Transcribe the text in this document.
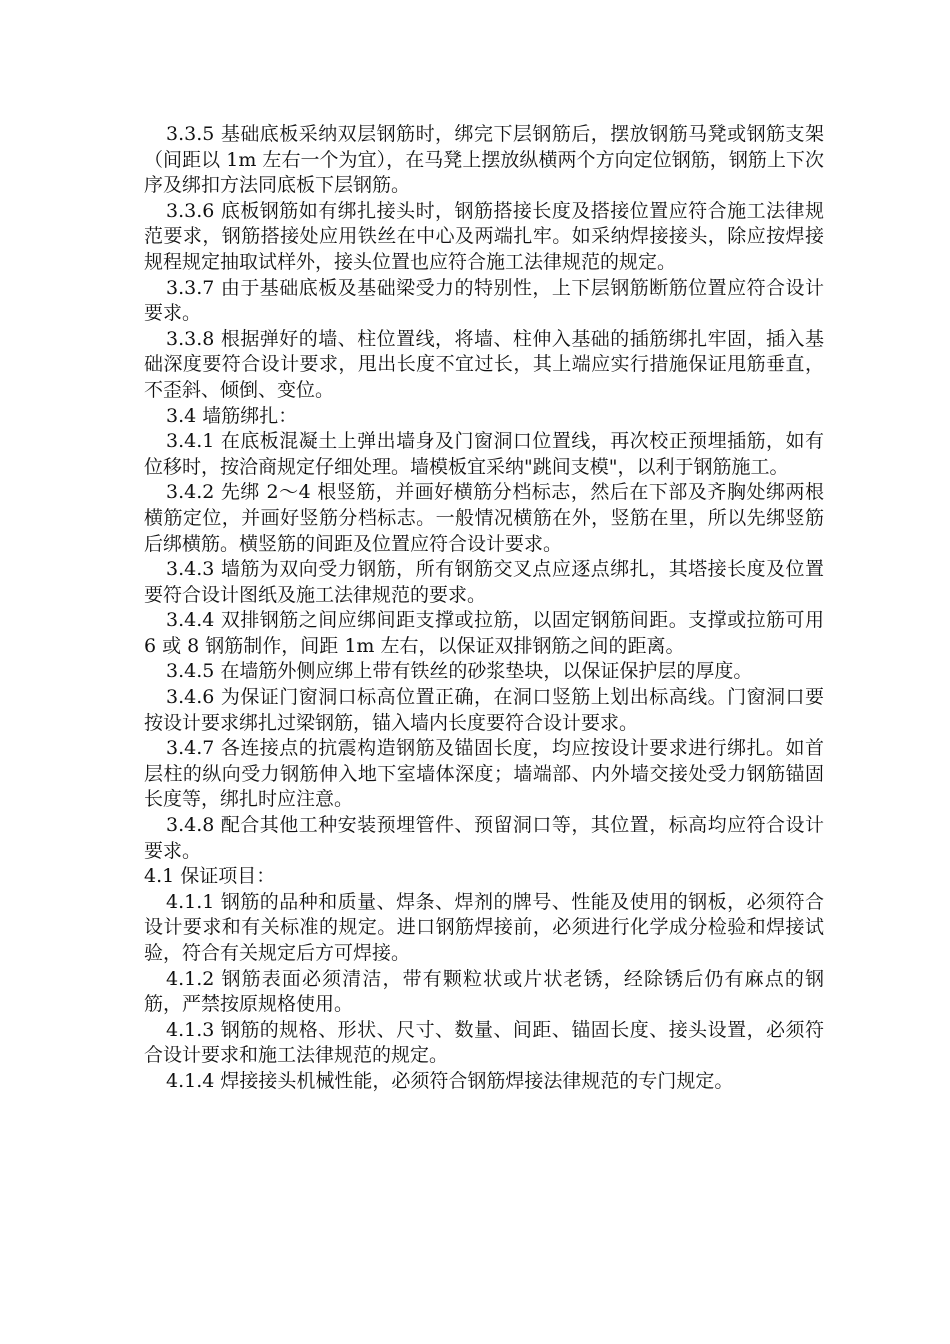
3.3.5 基础底板采纳双层钢筋时，绑完下层钢筋后，摆放钢筋马凳或钢筋支架（间距以 1m 左右一个为宜），在马凳上摆放纵横两个方向定位钢筋，钢筋上下次序及绑扣方法同底板下层钢筋。

3.3.6 底板钢筋如有绑扎接头时，钢筋搭接长度及搭接位置应符合施工法律规范要求，钢筋搭接处应用铁丝在中心及两端扎牢。如采纳焊接接头，除应按焊接规程规定抽取试样外，接头位置也应符合施工法律规范的规定。

3.3.7 由于基础底板及基础梁受力的特别性，上下层钢筋断筋位置应符合设计要求。

3.3.8 根据弹好的墙、柱位置线，将墙、柱伸入基础的插筋绑扎牢固，插入基础深度要符合设计要求，甩出长度不宜过长，其上端应实行措施保证甩筋垂直，不歪斜、倾倒、变位。

3.4 墙筋绑扎：

3.4.1 在底板混凝土上弹出墙身及门窗洞口位置线，再次校正预埋插筋，如有位移时，按洽商规定仔细处理。墙模板宜采纳"跳间支模"，以利于钢筋施工。

3.4.2 先绑 2～4 根竖筋，并画好横筋分档标志，然后在下部及齐胸处绑两根横筋定位，并画好竖筋分档标志。一般情况横筋在外，竖筋在里，所以先绑竖筋后绑横筋。横竖筋的间距及位置应符合设计要求。

3.4.3 墙筋为双向受力钢筋，所有钢筋交叉点应逐点绑扎，其塔接长度及位置要符合设计图纸及施工法律规范的要求。

3.4.4 双排钢筋之间应绑间距支撑或拉筋，以固定钢筋间距。支撑或拉筋可用 6 或 8 钢筋制作，间距 1m 左右，以保证双排钢筋之间的距离。

3.4.5 在墙筋外侧应绑上带有铁丝的砂浆垫块，以保证保护层的厚度。

3.4.6 为保证门窗洞口标高位置正确，在洞口竖筋上划出标高线。门窗洞口要按设计要求绑扎过梁钢筋，锚入墙内长度要符合设计要求。

3.4.7 各连接点的抗震构造钢筋及锚固长度，均应按设计要求进行绑扎。如首层柱的纵向受力钢筋伸入地下室墙体深度；墙端部、内外墙交接处受力钢筋锚固长度等，绑扎时应注意。

3.4.8 配合其他工种安装预埋管件、预留洞口等，其位置，标高均应符合设计要求。

4.1 保证项目：

4.1.1 钢筋的品种和质量、焊条、焊剂的牌号、性能及使用的钢板，必须符合设计要求和有关标准的规定。进口钢筋焊接前，必须进行化学成分检验和焊接试验，符合有关规定后方可焊接。

4.1.2 钢筋表面必须清洁，带有颗粒状或片状老锈，经除锈后仍有麻点的钢筋，严禁按原规格使用。

4.1.3 钢筋的规格、形状、尺寸、数量、间距、锚固长度、接头设置，必须符合设计要求和施工法律规范的规定。

4.1.4 焊接接头机械性能，必须符合钢筋焊接法律规范的专门规定。
